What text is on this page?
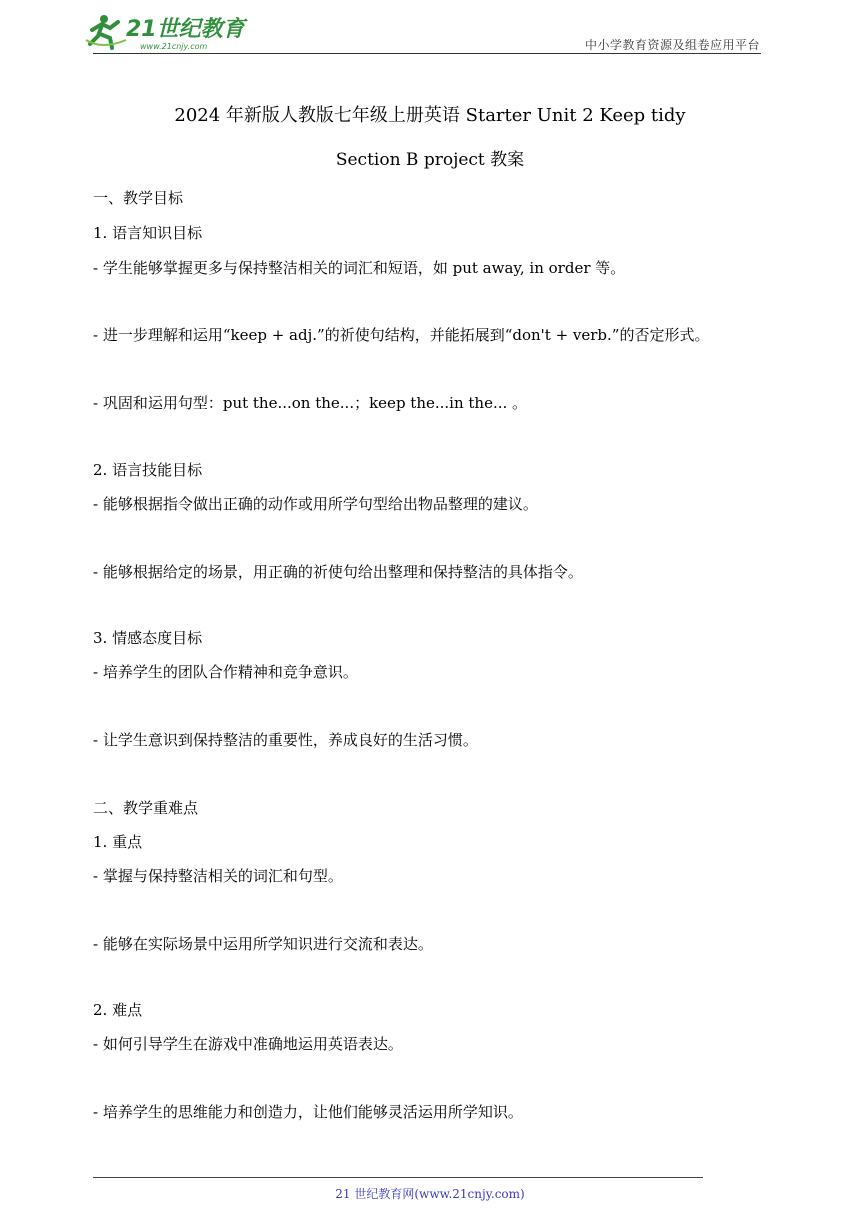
21世纪教育
www.21cnjy.com	中小学教育资源及组卷应用平台
2024 年新版人教版七年级上册英语 Starter Unit 2 Keep tidy
Section B project 教案
一、教学目标
1. 语言知识目标
- 学生能够掌握更多与保持整洁相关的词汇和短语，如 put away, in order 等。
- 进一步理解和运用“keep + adj.”的祈使句结构，并能拓展到“don't + verb.”的否定形式。
- 巩固和运用句型：put the...on the...；keep the...in the... 。
2. 语言技能目标
- 能够根据指令做出正确的动作或用所学句型给出物品整理的建议。
- 能够根据给定的场景，用正确的祈使句给出整理和保持整洁的具体指令。
3. 情感态度目标
- 培养学生的团队合作精神和竞争意识。
- 让学生意识到保持整洁的重要性，养成良好的生活习惯。
二、教学重难点
1. 重点
- 掌握与保持整洁相关的词汇和句型。
- 能够在实际场景中运用所学知识进行交流和表达。
2. 难点
- 如何引导学生在游戏中准确地运用英语表达。
- 培养学生的思维能力和创造力，让他们能够灵活运用所学知识。
21 世纪教育网(www.21cnjy.com)
